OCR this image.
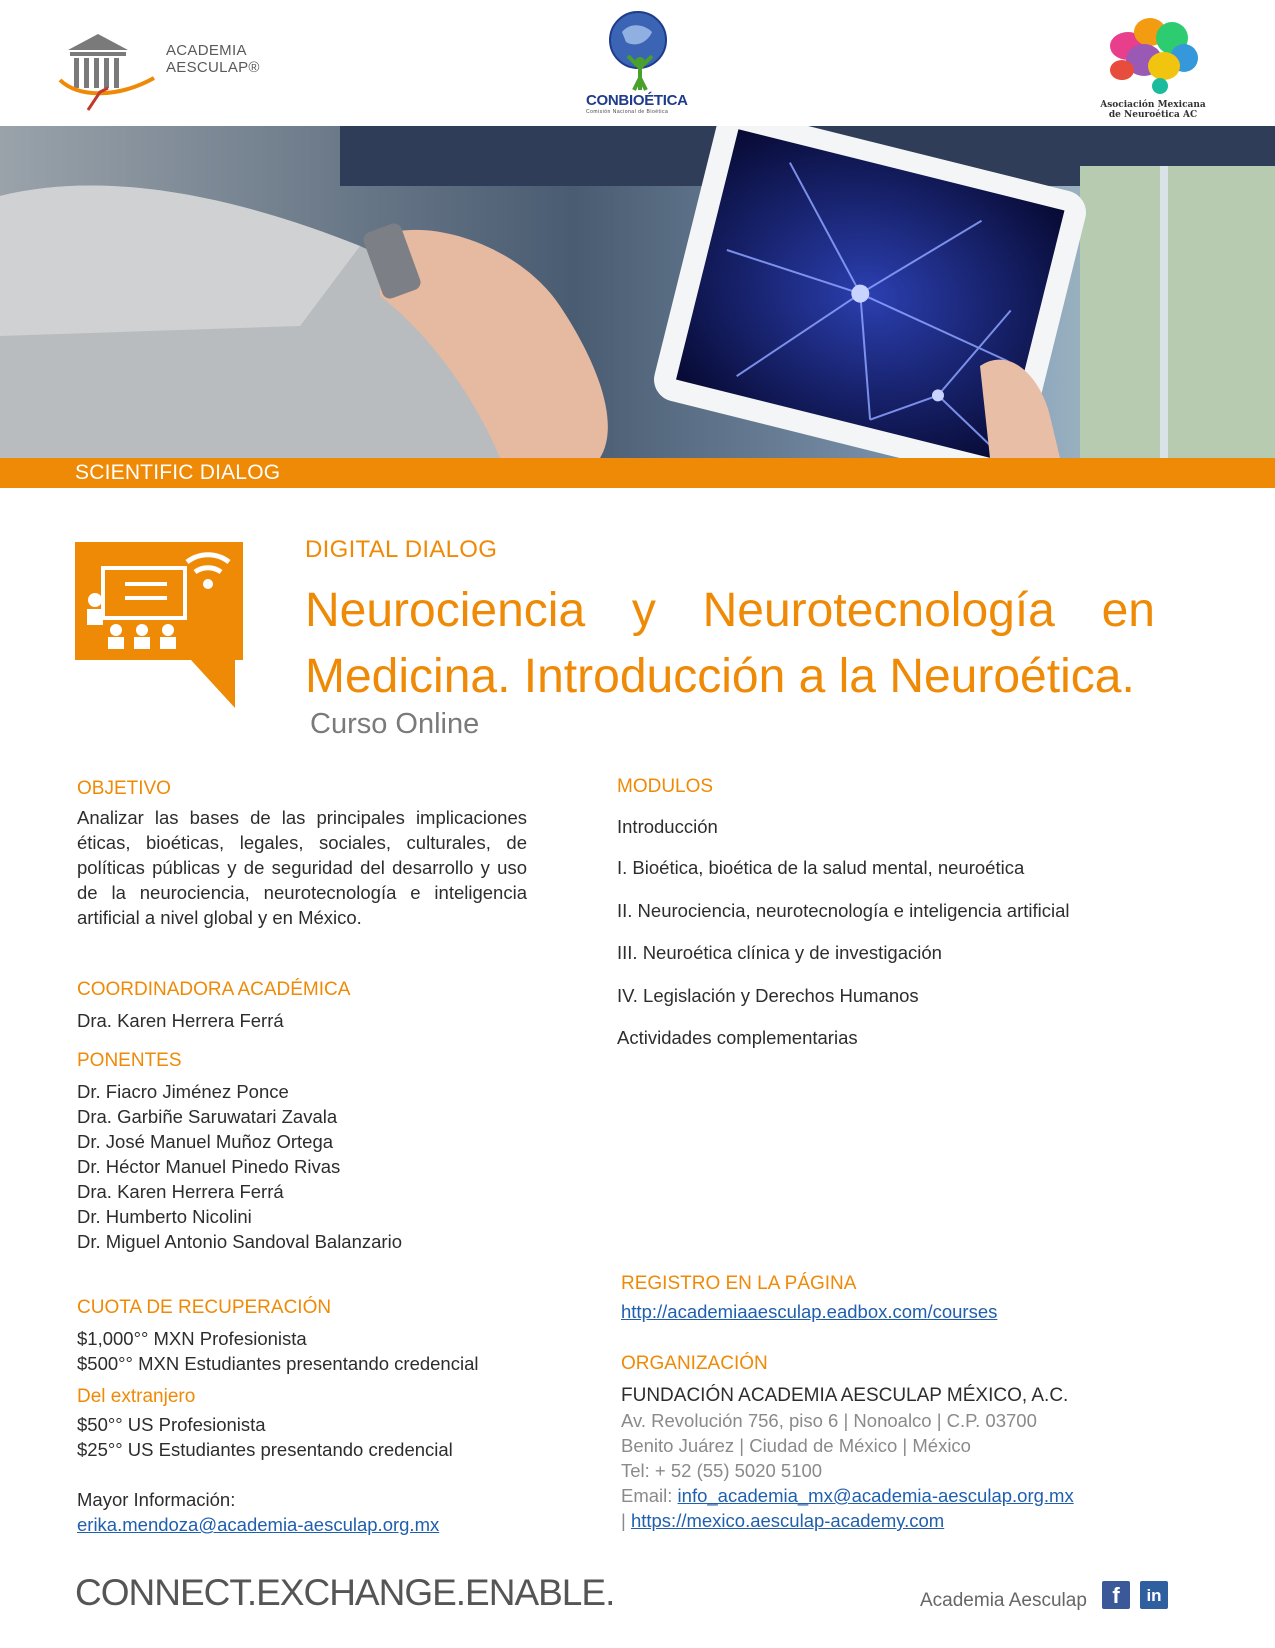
ACADEMIA
AESCULAP®
CONBIOÉTICA
Comisión Nacional de Bioética
Asociación Mexicana
de Neuroética AC
SCIENTIFIC DIALOG
DIGITAL DIALOG
Neurociencia y Neurotecnología en
Medicina. Introducción a la Neuroética.
Curso Online
OBJETIVO
Analizar las bases de las principales implicaciones éticas, bioéticas, legales, sociales, culturales, de políticas públicas y de seguridad del desarrollo y uso de la neurociencia, neurotecnología e inteligencia artificial a nivel global y en México.
COORDINADORA ACADÉMICA
Dra. Karen Herrera Ferrá
PONENTES
Dr. Fiacro Jiménez Ponce
Dra. Garbiñe Saruwatari Zavala
Dr. José Manuel Muñoz Ortega
Dr. Héctor Manuel Pinedo Rivas
Dra. Karen Herrera Ferrá
Dr. Humberto Nicolini
Dr. Miguel Antonio Sandoval Balanzario
CUOTA DE RECUPERACIÓN
$1,000°° MXN Profesionista
$500°° MXN Estudiantes presentando credencial
Del extranjero
$50°° US Profesionista
$25°° US Estudiantes presentando credencial
Mayor Información:
erika.mendoza@academia-aesculap.org.mx
MODULOS
Introducción
I. Bioética, bioética de la salud mental, neuroética
II. Neurociencia, neurotecnología e inteligencia artificial
III. Neuroética clínica y de investigación
IV. Legislación y Derechos Humanos
Actividades complementarias
REGISTRO EN LA PÁGINA
http://academiaaesculap.eadbox.com/courses
ORGANIZACIÓN
FUNDACIÓN ACADEMIA AESCULAP MÉXICO, A.C.
Av. Revolución 756, piso 6 | Nonoalco | C.P. 03700
Benito Juárez | Ciudad de México | México
Tel: + 52 (55) 5020 5100
Email: info_academia_mx@academia-aesculap.org.mx
| https://mexico.aesculap-academy.com
CONNECT.EXCHANGE.ENABLE.	Academia Aesculap	f	in
